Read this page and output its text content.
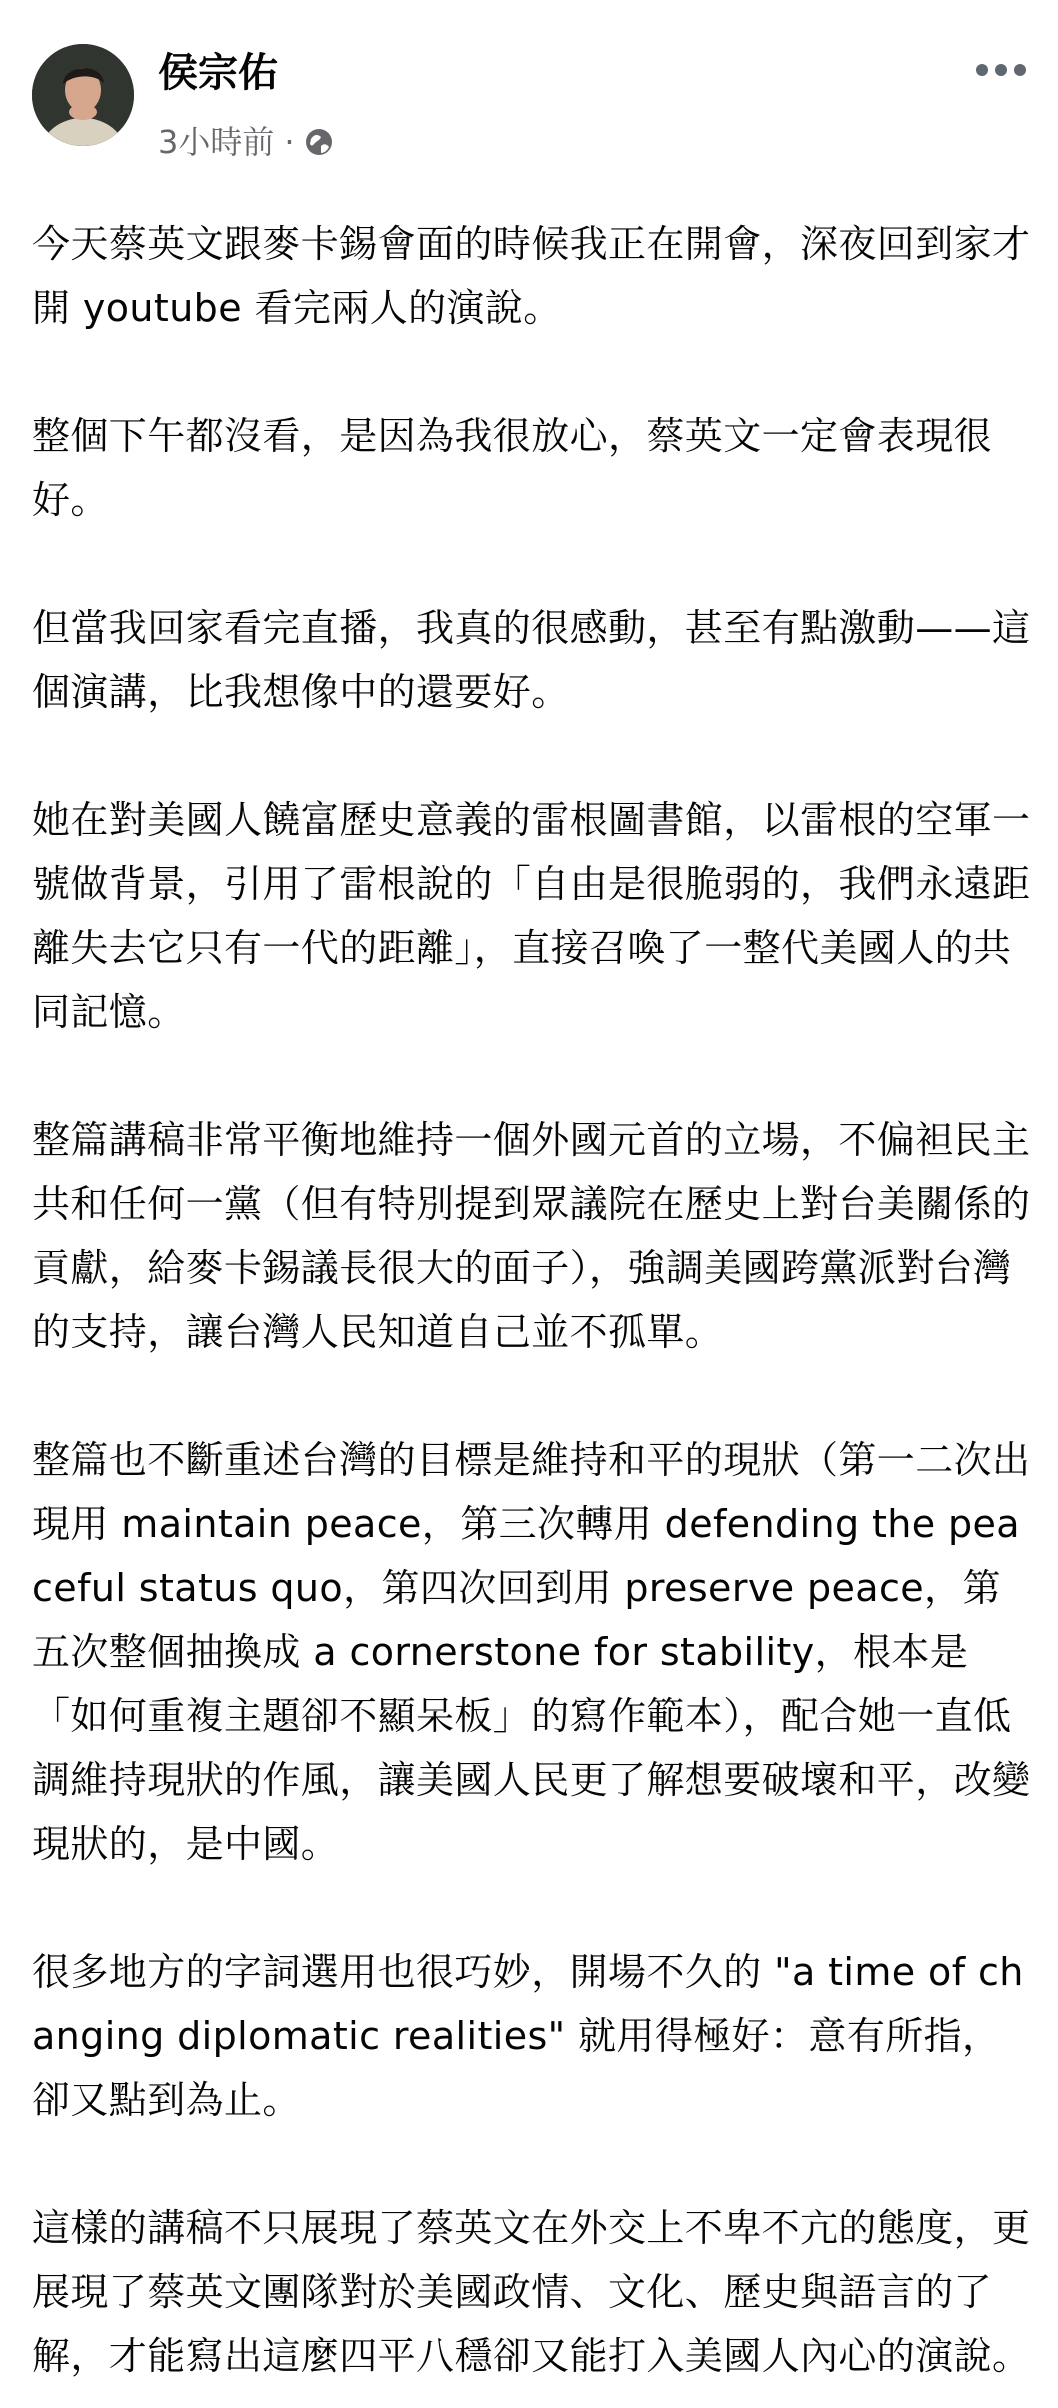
侯宗佑
3小時前 ·

今天蔡英文跟麥卡錫會面的時候我正在開會，深夜回到家才開 youtube 看完兩人的演說。

整個下午都沒看，是因為我很放心，蔡英文一定會表現很好。

但當我回家看完直播，我真的很感動，甚至有點激動——這個演講，比我想像中的還要好。

她在對美國人饒富歷史意義的雷根圖書館，以雷根的空軍一號做背景，引用了雷根說的「自由是很脆弱的，我們永遠距離失去它只有一代的距離」，直接召喚了一整代美國人的共同記憶。

整篇講稿非常平衡地維持一個外國元首的立場，不偏袒民主共和任何一黨（但有特別提到眾議院在歷史上對台美關係的貢獻，給麥卡錫議長很大的面子），強調美國跨黨派對台灣的支持，讓台灣人民知道自己並不孤單。

整篇也不斷重述台灣的目標是維持和平的現狀（第一二次出現用 maintain peace，第三次轉用 defending the peaceful status quo，第四次回到用 preserve peace，第五次整個抽換成 a cornerstone for stability，根本是「如何重複主題卻不顯呆板」的寫作範本），配合她一直低調維持現狀的作風，讓美國人民更了解想要破壞和平，改變現狀的，是中國。

很多地方的字詞選用也很巧妙，開場不久的 "a time of changing diplomatic realities" 就用得極好：意有所指，卻又點到為止。

這樣的講稿不只展現了蔡英文在外交上不卑不亢的態度，更展現了蔡英文團隊對於美國政情、文化、歷史與語言的了解，才能寫出這麼四平八穩卻又能打入美國人內心的演說。
